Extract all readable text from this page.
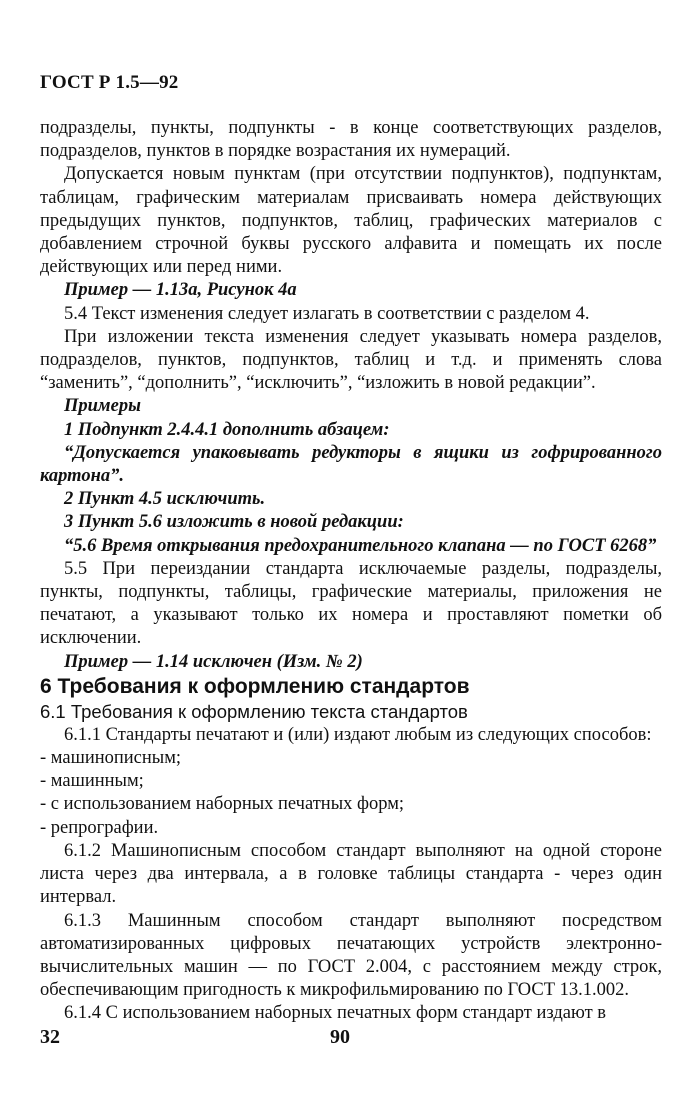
ГОСТ Р 1.5—92

подразделы, пункты, подпункты - в конце соответствующих разделов, подразделов, пунктов в порядке возрастания их нумераций.

Допускается новым пунктам (при отсутствии подпунктов), подпунктам, таблицам, графическим материалам присваивать номера действующих предыдущих пунктов, подпунктов, таблиц, графических материалов с добавлением строчной буквы русского алфавита и помещать их после действующих или перед ними.

Пример — 1.13а, Рисунок 4а

5.4 Текст изменения следует излагать в соответствии с разделом 4.

При изложении текста изменения следует указывать номера разделов, подразделов, пунктов, подпунктов, таблиц и т.д. и применять слова “заменить”, “дополнить”, “исключить”, “изложить в новой редакции”.

Примеры

1 Подпункт 2.4.4.1 дополнить абзацем:

“Допускается упаковывать редукторы в ящики из гофрированного картона”.

2 Пункт 4.5 исключить.

3 Пункт 5.6 изложить в новой редакции:

“5.6 Время открывания предохранительного клапана — по ГОСТ 6268”

5.5 При переиздании стандарта исключаемые разделы, подразделы, пункты, подпункты, таблицы, графические материалы, приложения не печатают, а указывают только их номера и проставляют пометки об исключении.

Пример — 1.14 исключен (Изм. № 2)

6 Требования к оформлению стандартов

6.1 Требования к оформлению текста стандартов

6.1.1 Стандарты печатают и (или) издают любым из следующих способов:

- машинописным;

- машинным;

- с использованием наборных печатных форм;

- репрографии.

6.1.2 Машинописным способом стандарт выполняют на одной стороне листа через два интервала, а в головке таблицы стандарта - через один интервал.

6.1.3 Машинным способом стандарт выполняют посредством автоматизированных цифровых печатающих устройств электронно-вычислительных машин — по ГОСТ 2.004, с расстоянием между строк, обеспечивающим пригодность к микрофильмированию по ГОСТ 13.1.002.

6.1.4 С использованием наборных печатных форм стандарт издают в

32	90
